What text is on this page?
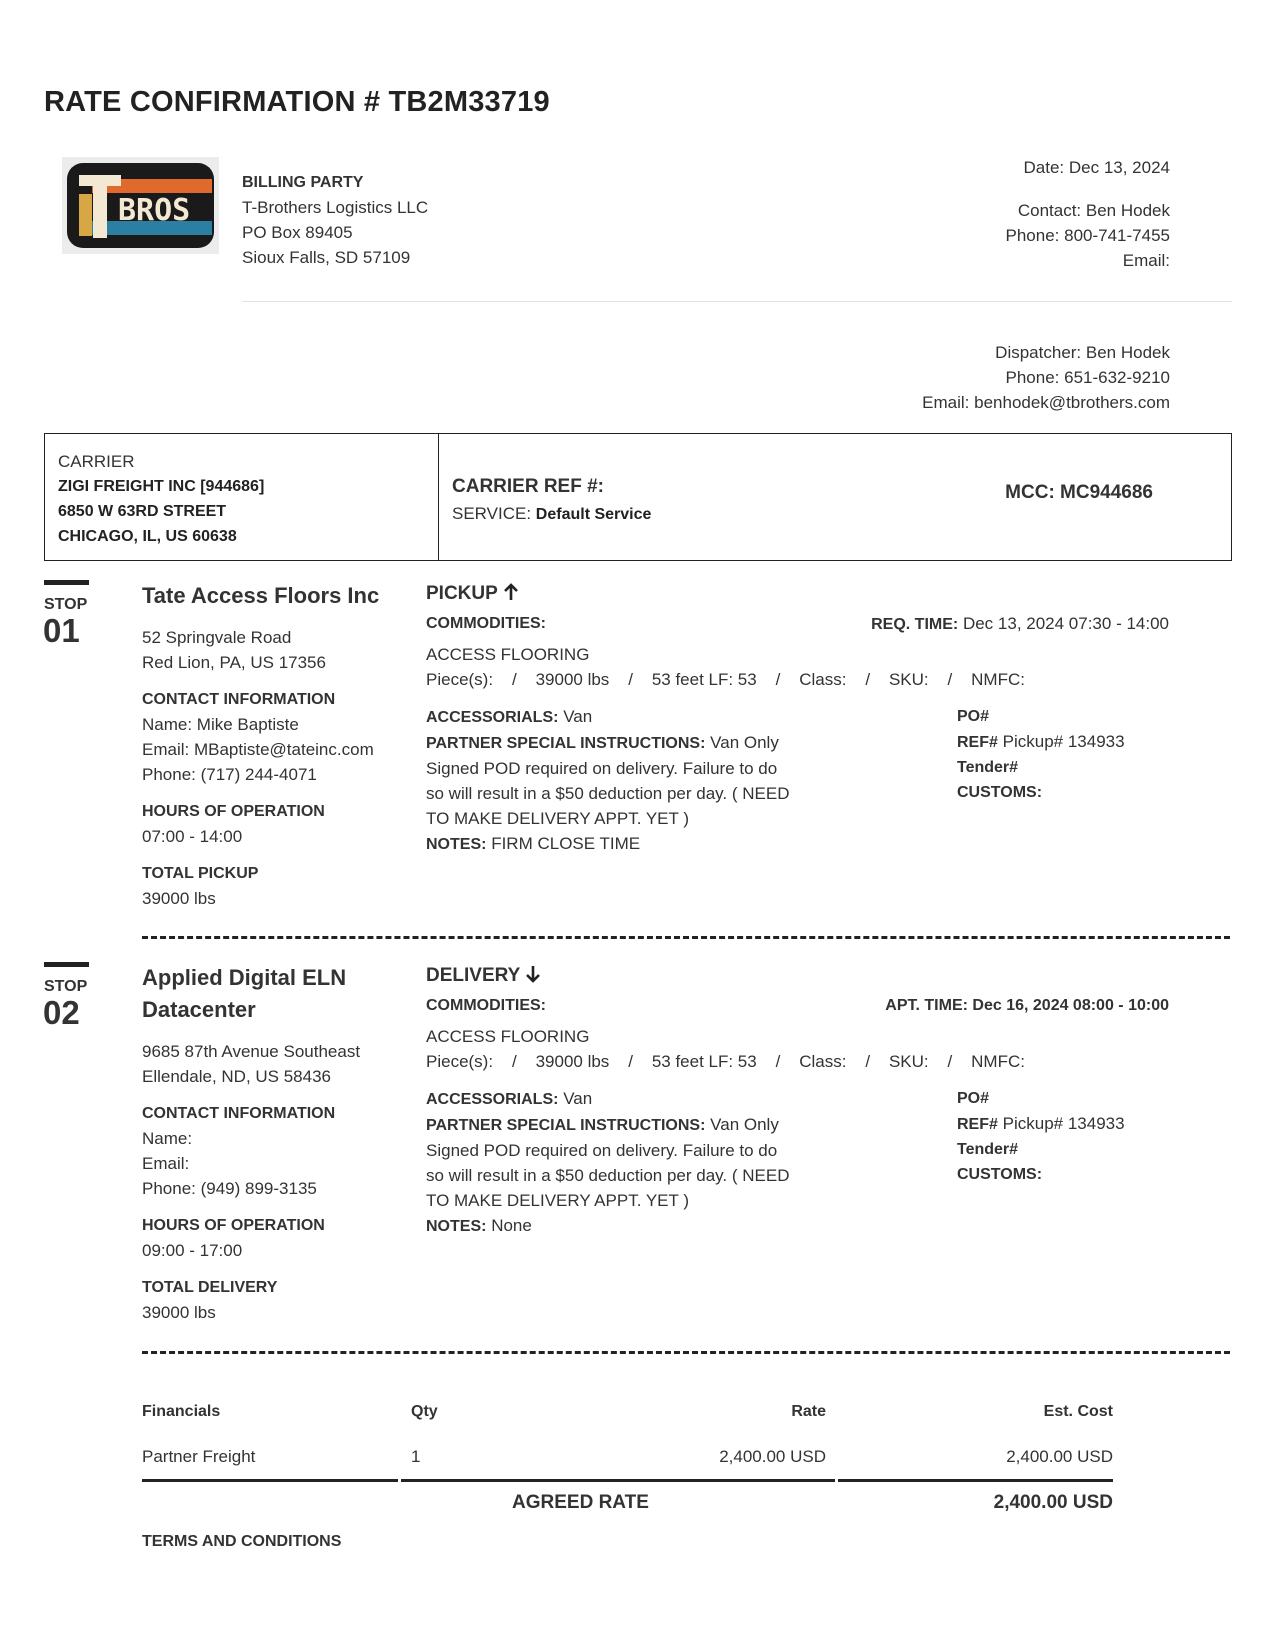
RATE CONFIRMATION # TB2M33719
BROS
BILLING PARTY
T-Brothers Logistics LLC
PO Box 89405
Sioux Falls, SD 57109
Date: Dec 13, 2024
Contact: Ben Hodek
Phone: 800-741-7455
Email:
Dispatcher: Ben Hodek
Phone: 651-632-9210
Email: benhodek@tbrothers.com
CARRIER
ZIGI FREIGHT INC [944686]
6850 W 63RD STREET
CHICAGO, IL, US 60638
CARRIER REF #:
SERVICE: Default Service
MCC: MC944686
STOP
01
Tate Access Floors Inc
52 Springvale Road
Red Lion, PA, US 17356
CONTACT INFORMATION
Name: Mike Baptiste
Email: MBaptiste@tateinc.com
Phone: (717) 244-4071
HOURS OF OPERATION
07:00 - 14:00
TOTAL PICKUP
39000 lbs
PICKUP
COMMODITIES:	REQ. TIME: Dec 13, 2024 07:30 - 14:00
ACCESS FLOORING
Piece(s):    /    39000 lbs    /    53 feet LF: 53    /    Class:    /    SKU:    /    NMFC:
ACCESSORIALS: Van
PARTNER SPECIAL INSTRUCTIONS: Van Only
Signed POD required on delivery. Failure to do
so will result in a $50 deduction per day. ( NEED
TO MAKE DELIVERY APPT. YET )
NOTES: FIRM CLOSE TIME
PO#
REF# Pickup# 134933
Tender#
CUSTOMS:
STOP
02
Applied Digital ELN
Datacenter
9685 87th Avenue Southeast
Ellendale, ND, US 58436
CONTACT INFORMATION
Name:
Email:
Phone: (949) 899-3135
HOURS OF OPERATION
09:00 - 17:00
TOTAL DELIVERY
39000 lbs
DELIVERY
COMMODITIES:	APT. TIME: Dec 16, 2024 08:00 - 10:00
ACCESS FLOORING
Piece(s):    /    39000 lbs    /    53 feet LF: 53    /    Class:    /    SKU:    /    NMFC:
ACCESSORIALS: Van
PARTNER SPECIAL INSTRUCTIONS: Van Only
Signed POD required on delivery. Failure to do
so will result in a $50 deduction per day. ( NEED
TO MAKE DELIVERY APPT. YET )
NOTES: None
PO#
REF# Pickup# 134933
Tender#
CUSTOMS:
Financials	Qty	Rate	Est. Cost
Partner Freight	1	2,400.00 USD	2,400.00 USD
AGREED RATE	2,400.00 USD
TERMS AND CONDITIONS
